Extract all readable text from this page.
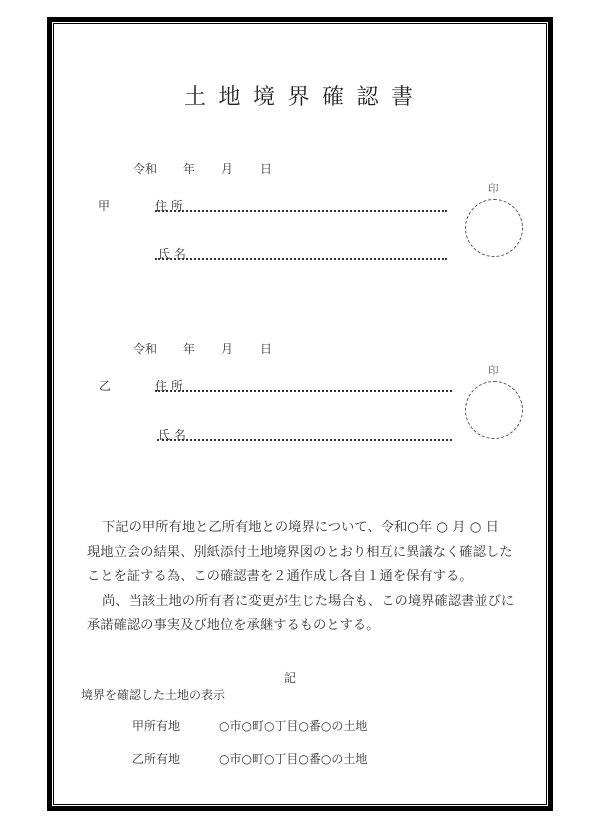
土地境界確認書
令和 年 月 日
甲	住 所
氏 名
印
令和 年 月 日
乙	住 所
氏 名
印
下記の甲所有地と乙所有地との境界について、令和○年 ○ 月 ○ 日
現地立会の結果、別紙添付土地境界図のとおり相互に異議なく確認した
ことを証する為、この確認書を２通作成し各自１通を保有する。
尚、当該土地の所有者に変更が生じた場合も、この境界確認書並びに
承諾確認の事実及び地位を承継するものとする。
記
境界を確認した土地の表示
甲所有地	○市○町○丁目○番○の土地
乙所有地	○市○町○丁目○番○の土地
